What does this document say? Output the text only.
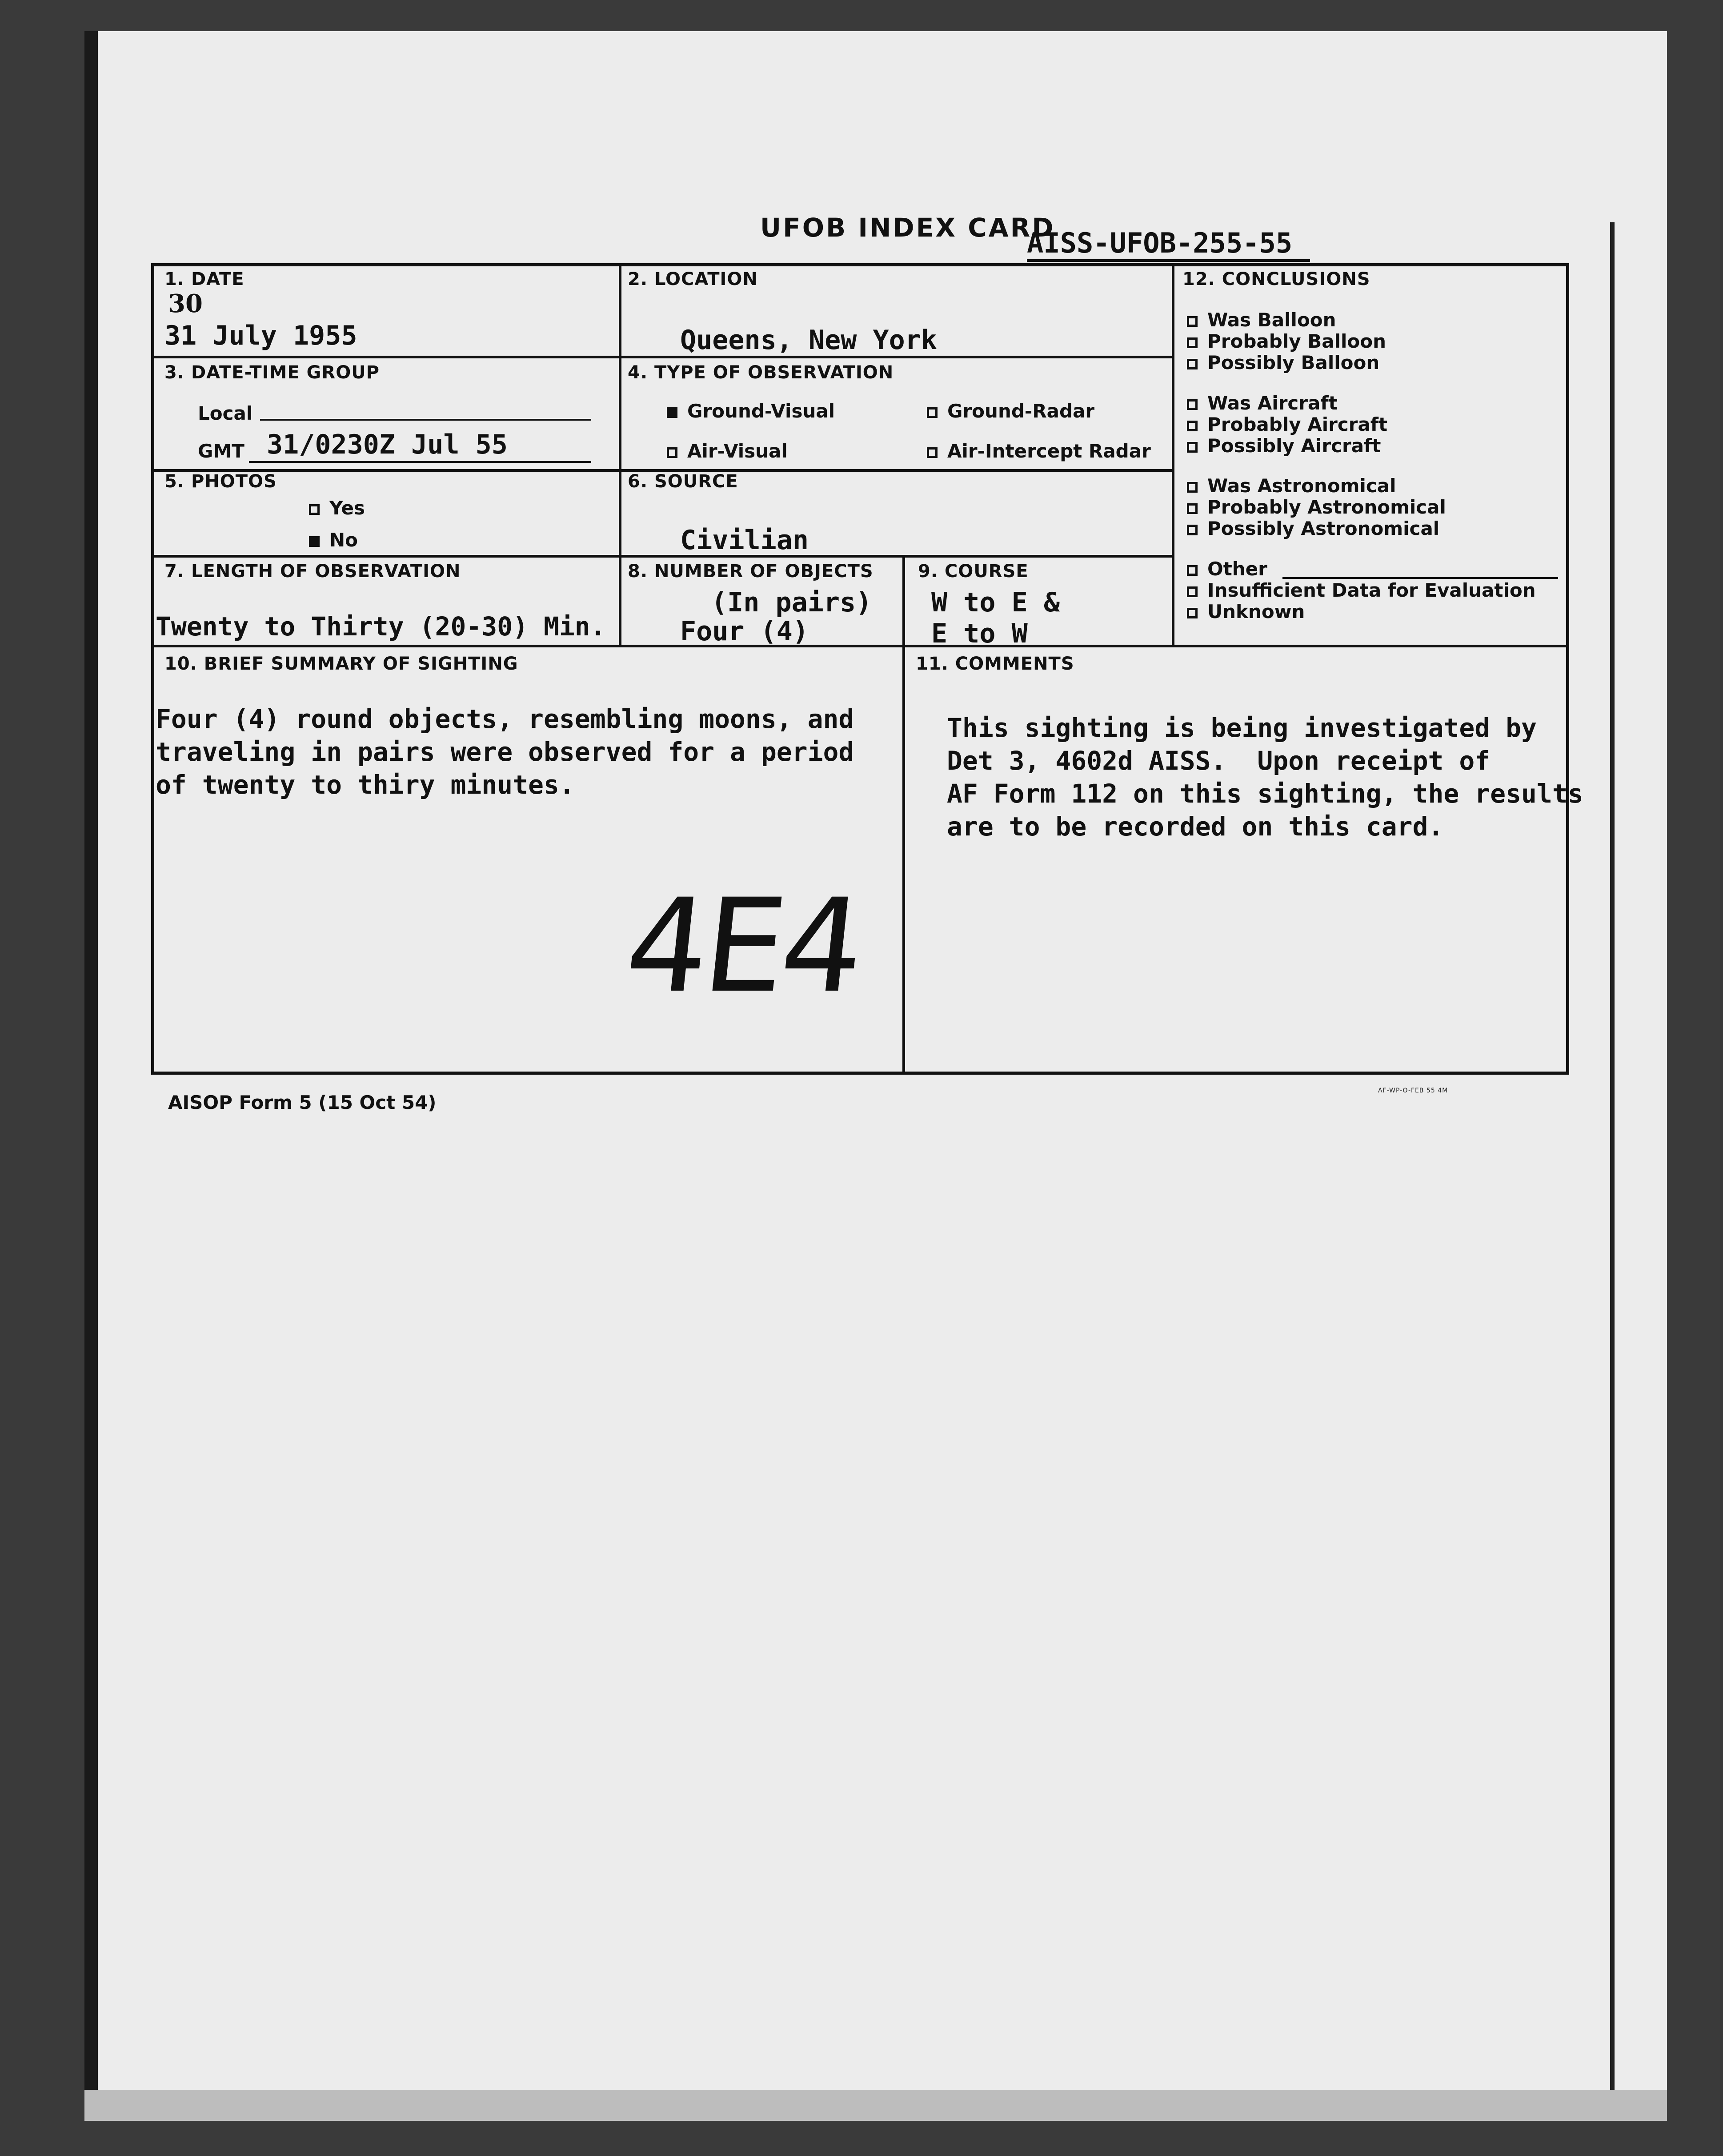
UFOB INDEX CARD
AISS-UFOB-255-55
1. DATE
30
31 July 1955
2. LOCATION
Queens, New York
12. CONCLUSIONS
Was Balloon
Probably Balloon
Possibly Balloon
Was Aircraft
Probably Aircraft
Possibly Aircraft
Was Astronomical
Probably Astronomical
Possibly Astronomical
Other
Insufficient Data for Evaluation
Unknown
3. DATE-TIME GROUP
Local
GMT 31/0230Z Jul 55
4. TYPE OF OBSERVATION
Ground-Visual	Ground-Radar
Air-Visual	Air-Intercept Radar
5. PHOTOS
Yes
No
6. SOURCE
Civilian
7. LENGTH OF OBSERVATION
Twenty to Thirty (20-30) Min.
8. NUMBER OF OBJECTS
(In pairs)
Four (4)
9. COURSE
W to E &
E to W
10. BRIEF SUMMARY OF SIGHTING
Four (4) round objects, resembling moons, and
traveling in pairs were observed for a period
of twenty to thiry minutes.
11. COMMENTS
This sighting is being investigated by
Det 3, 4602d AISS.  Upon receipt of
AF Form 112 on this sighting, the results
are to be recorded on this card.
4E4
AISOP Form 5 (15 Oct 54)
AF-WP-O-FEB 55 4M
